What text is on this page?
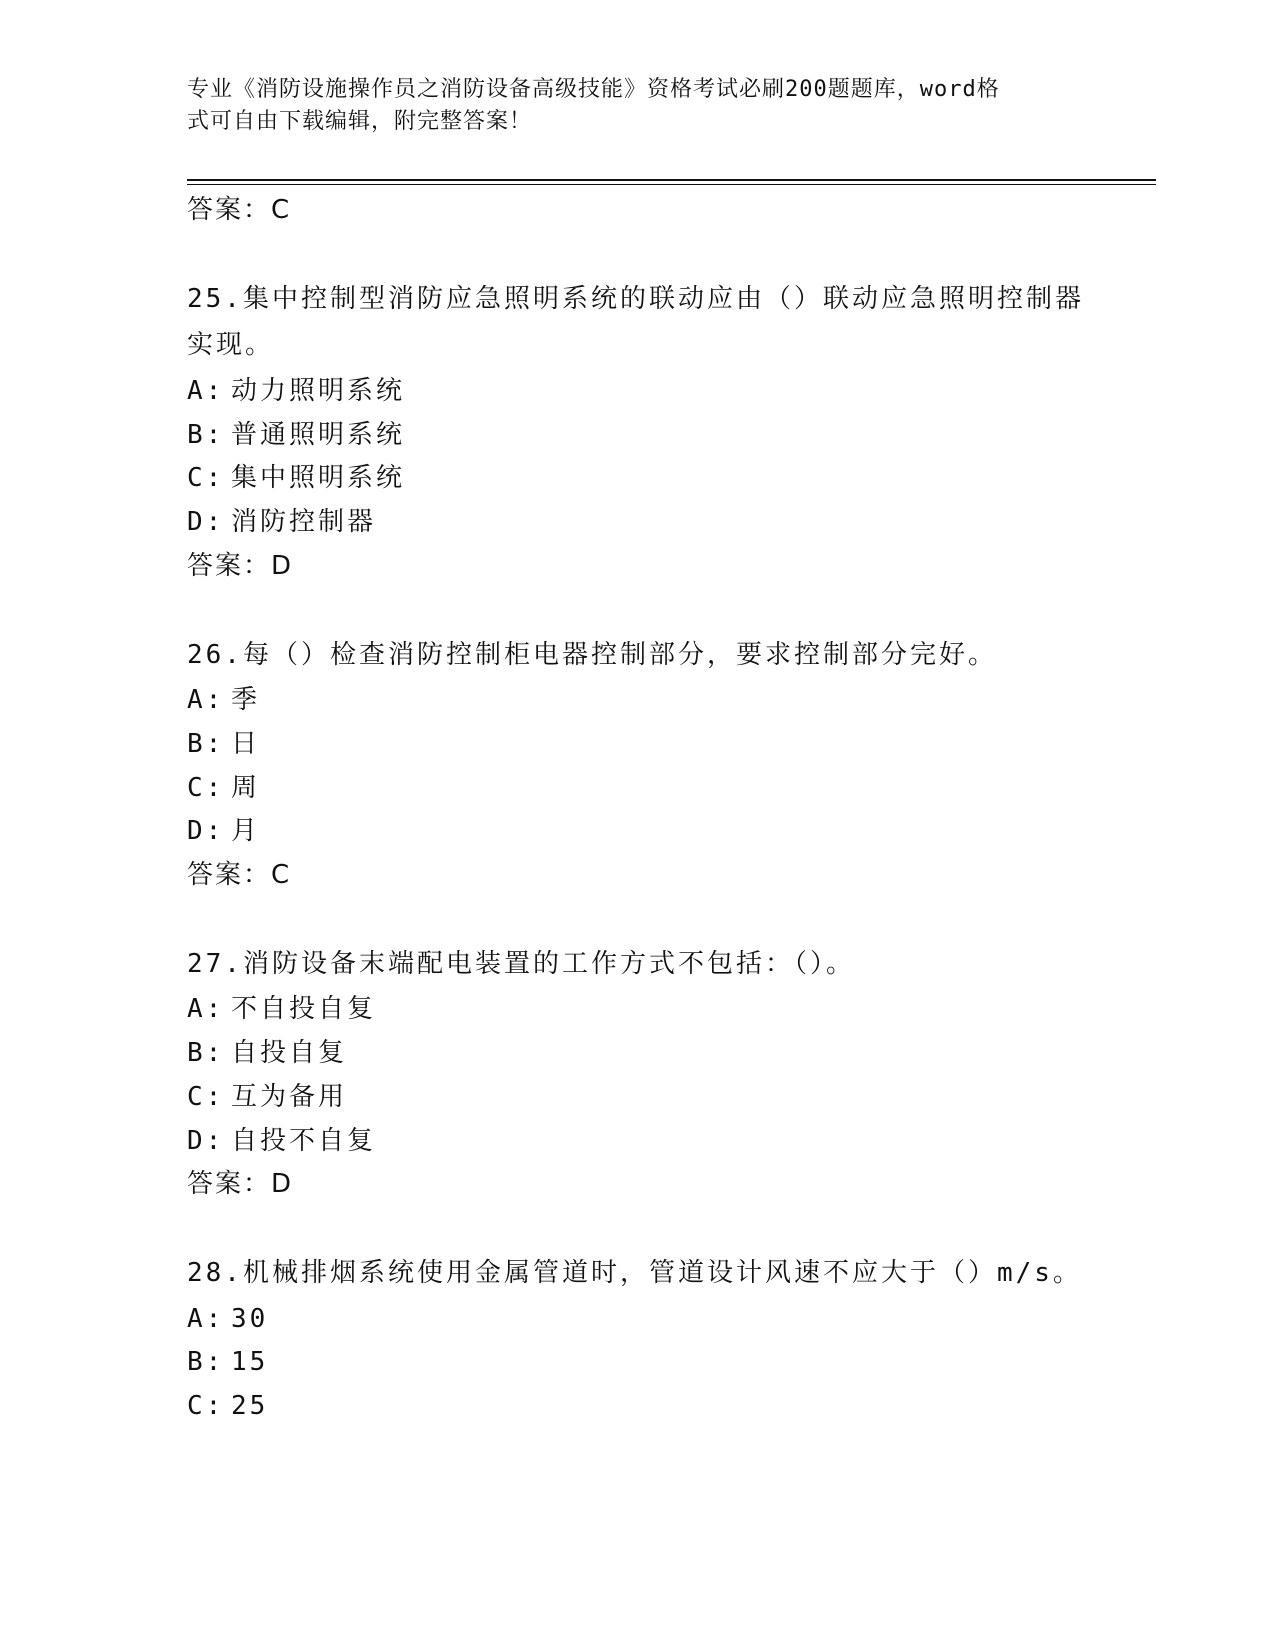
专业《消防设施操作员之消防设备高级技能》资格考试必刷200题题库，word格
式可自由下载编辑，附完整答案！
答案：C
25.集中控制型消防应急照明系统的联动应由（）联动应急照明控制器实现。
A: 动力照明系统
B: 普通照明系统
C: 集中照明系统
D: 消防控制器
答案：D
26.每（）检查消防控制柜电器控制部分，要求控制部分完好。
A: 季
B: 日
C: 周
D: 月
答案：C
27.消防设备末端配电装置的工作方式不包括：（）。
A: 不自投自复
B: 自投自复
C: 互为备用
D: 自投不自复
答案：D
28.机械排烟系统使用金属管道时，管道设计风速不应大于（）m/s。
A: 30
B: 15
C: 25
